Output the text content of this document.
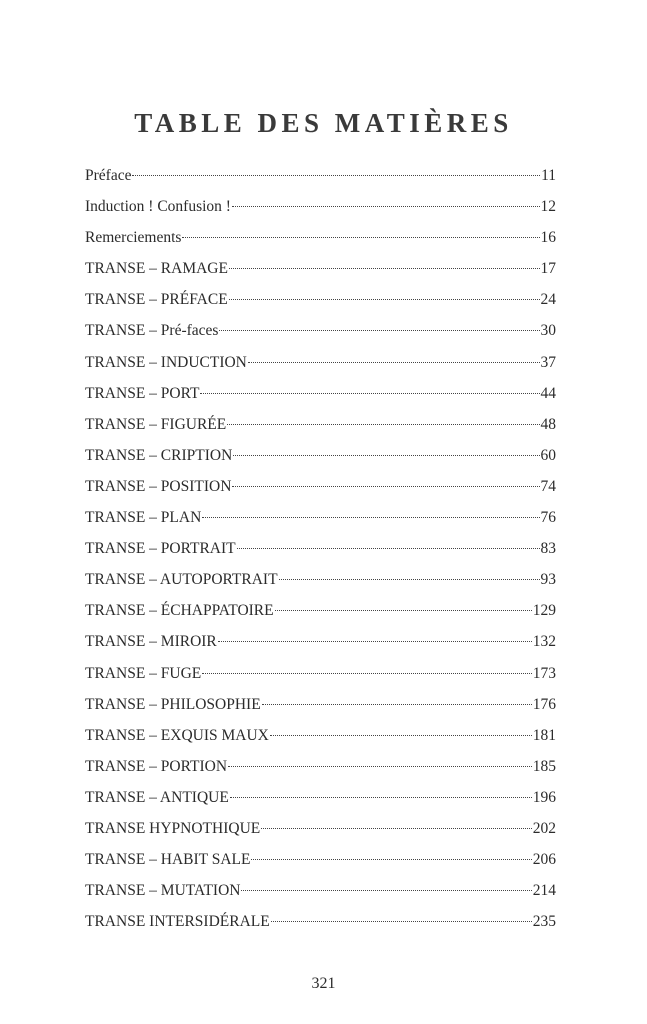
TABLE DES MATIÈRES
Préface	11
Induction ! Confusion !	12
Remerciements	16
TRANSE – RAMAGE	17
TRANSE – PRÉFACE	24
TRANSE – Pré-faces	30
TRANSE – INDUCTION	37
TRANSE – PORT	44
TRANSE – FIGURÉE	48
TRANSE – CRIPTION	60
TRANSE – POSITION	74
TRANSE – PLAN	76
TRANSE – PORTRAIT	83
TRANSE – AUTOPORTRAIT	93
TRANSE – ÉCHAPPATOIRE	129
TRANSE – MIROIR	132
TRANSE – FUGE	173
TRANSE – PHILOSOPHIE	176
TRANSE – EXQUIS MAUX	181
TRANSE – PORTION	185
TRANSE – ANTIQUE	196
TRANSE HYPNOTHIQUE	202
TRANSE – HABIT SALE	206
TRANSE – MUTATION	214
TRANSE INTERSIDÉRALE	235
321
